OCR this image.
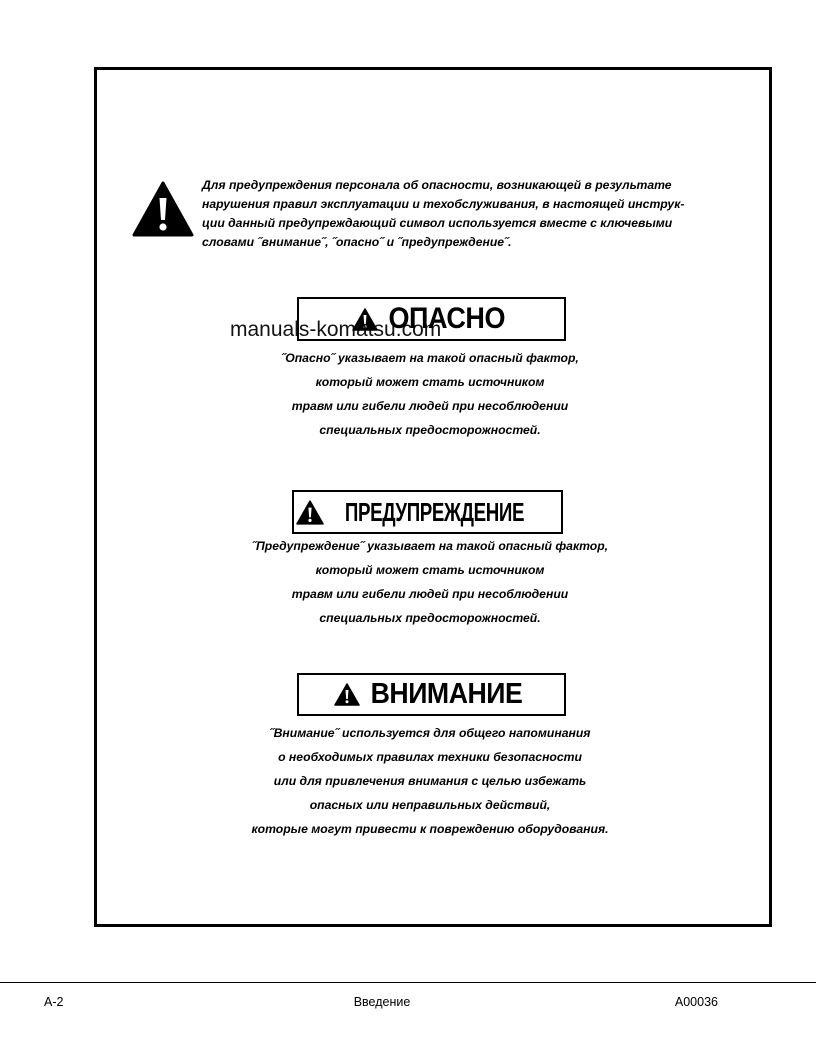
Для предупреждения персонала об опасности, возникающей в результате
нарушения правил эксплуатации и техобслуживания, в настоящей инструк-
ции данный предупреждающий символ используется вместе с ключевыми
словами ˝внимание˝, ˝опасно˝ и ˝предупреждение˝.
ОПАСНО
˝Опасно˝ указывает на такой опасный фактор,
который может стать источником
травм или гибели людей при несоблюдении
специальных предосторожностей.
ПРЕДУПРЕЖДЕНИЕ
˝Предупреждение˝ указывает на такой опасный фактор,
который может стать источником
травм или гибели людей при несоблюдении
специальных предосторожностей.
ВНИМАНИЕ
˝Внимание˝ используется для общего напоминания
о необходимых правилах техники безопасности
или для привлечения внимания с целью избежать
опасных или неправильных действий,
которые могут привести к повреждению оборудования.
manuals-komatsu.com
A-2	Введение	A00036
